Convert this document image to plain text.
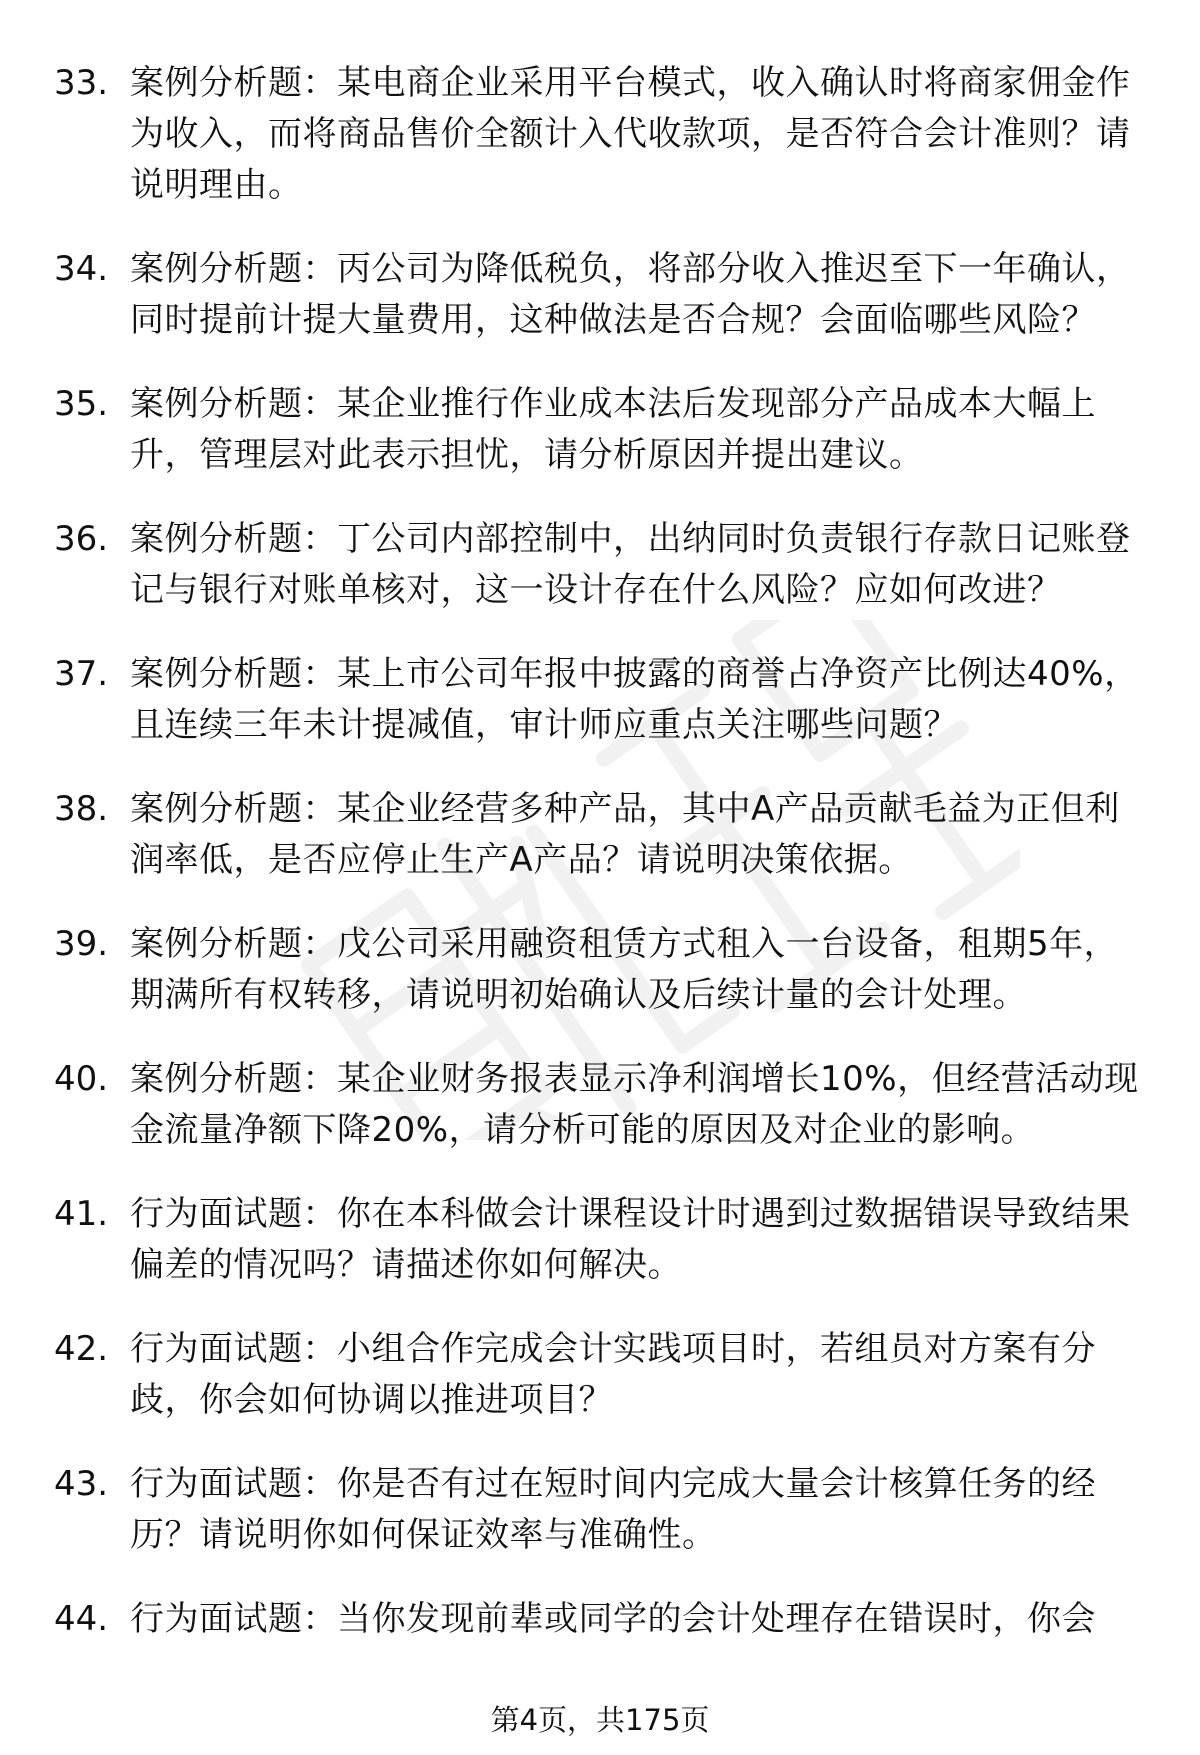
33. 案例分析题：某电商企业采用平台模式，收入确认时将商家佣金作为收入，而将商品售价全额计入代收款项，是否符合会计准则？请说明理由。
34. 案例分析题：丙公司为降低税负，将部分收入推迟至下一年确认，同时提前计提大量费用，这种做法是否合规？会面临哪些风险？
35. 案例分析题：某企业推行作业成本法后发现部分产品成本大幅上升，管理层对此表示担忧，请分析原因并提出建议。
36. 案例分析题：丁公司内部控制中，出纳同时负责银行存款日记账登记与银行对账单核对，这一设计存在什么风险？应如何改进？
37. 案例分析题：某上市公司年报中披露的商誉占净资产比例达40%，且连续三年未计提减值，审计师应重点关注哪些问题？
38. 案例分析题：某企业经营多种产品，其中A产品贡献毛益为正但利润率低，是否应停止生产A产品？请说明决策依据。
39. 案例分析题：戊公司采用融资租赁方式租入一台设备，租期5年，期满所有权转移，请说明初始确认及后续计量的会计处理。
40. 案例分析题：某企业财务报表显示净利润增长10%，但经营活动现金流量净额下降20%，请分析可能的原因及对企业的影响。
41. 行为面试题：你在本科做会计课程设计时遇到过数据错误导致结果偏差的情况吗？请描述你如何解决。
42. 行为面试题：小组合作完成会计实践项目时，若组员对方案有分歧，你会如何协调以推进项目？
43. 行为面试题：你是否有过在短时间内完成大量会计核算任务的经历？请说明你如何保证效率与准确性。
44. 行为面试题：当你发现前辈或同学的会计处理存在错误时，你会
第4页，共175页
